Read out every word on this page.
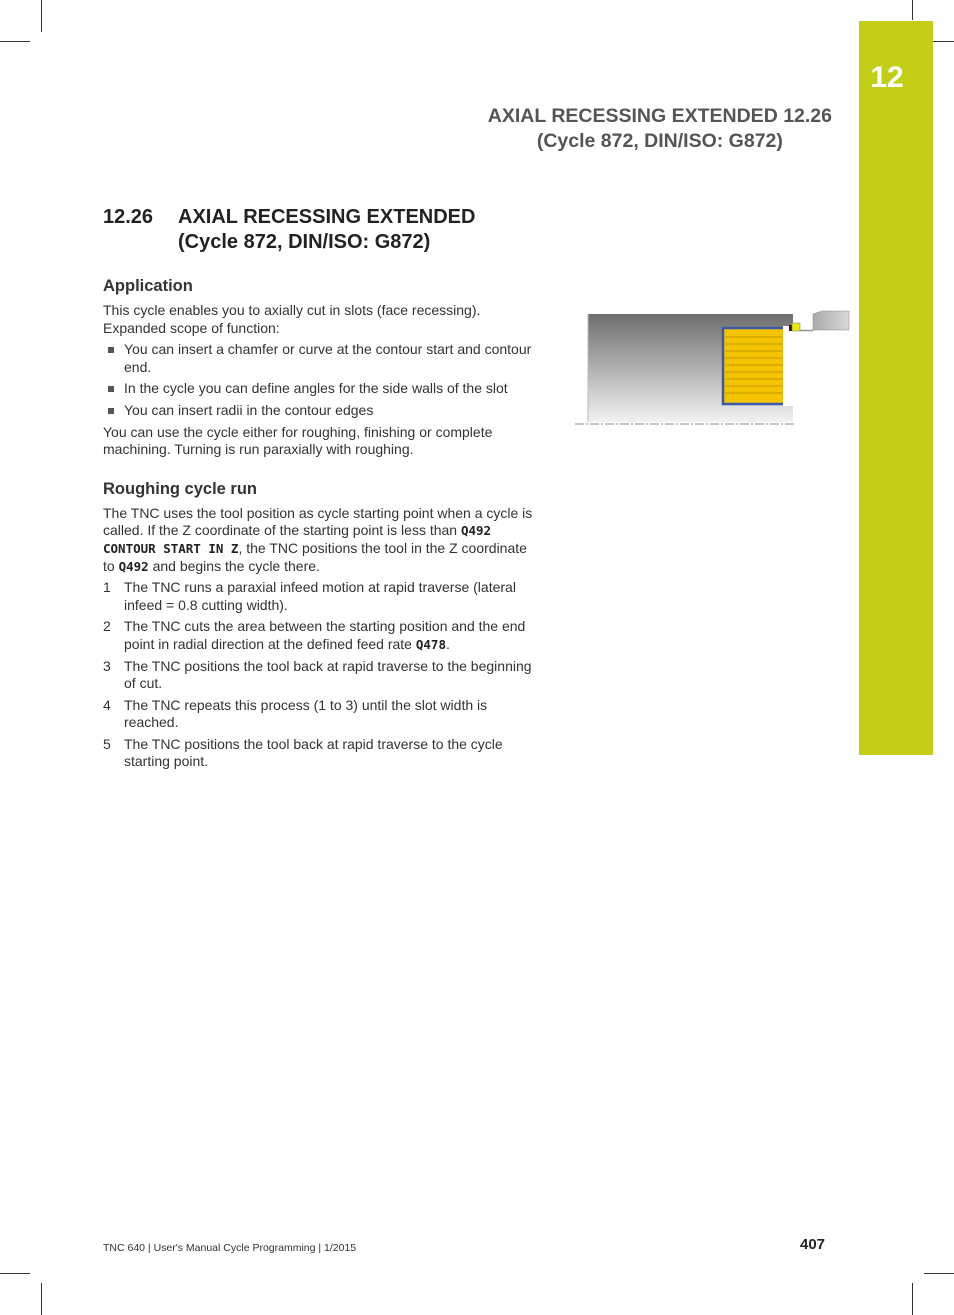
12
AXIAL RECESSING EXTENDED 12.26
(Cycle 872, DIN/ISO: G872)
12.26 AXIAL RECESSING EXTENDED
(Cycle 872, DIN/ISO: G872)
Application

This cycle enables you to axially cut in slots (face recessing). Expanded scope of function:

You can insert a chamfer or curve at the contour start and contour end.
In the cycle you can define angles for the side walls of the slot
You can insert radii in the contour edges

You can use the cycle either for roughing, finishing or complete machining. Turning is run paraxially with roughing.

Roughing cycle run

The TNC uses the tool position as cycle starting point when a cycle is called. If the Z coordinate of the starting point is less than Q492 CONTOUR START IN Z, the TNC positions the tool in the Z coordinate to Q492 and begins the cycle there.

1 The TNC runs a paraxial infeed motion at rapid traverse (lateral infeed = 0.8 cutting width).
2 The TNC cuts the area between the starting position and the end point in radial direction at the defined feed rate Q478.
3 The TNC positions the tool back at rapid traverse to the beginning of cut.
4 The TNC repeats this process (1 to 3) until the slot width is reached.
5 The TNC positions the tool back at rapid traverse to the cycle starting point.
TNC 640 | User's Manual Cycle Programming | 1/2015	407
